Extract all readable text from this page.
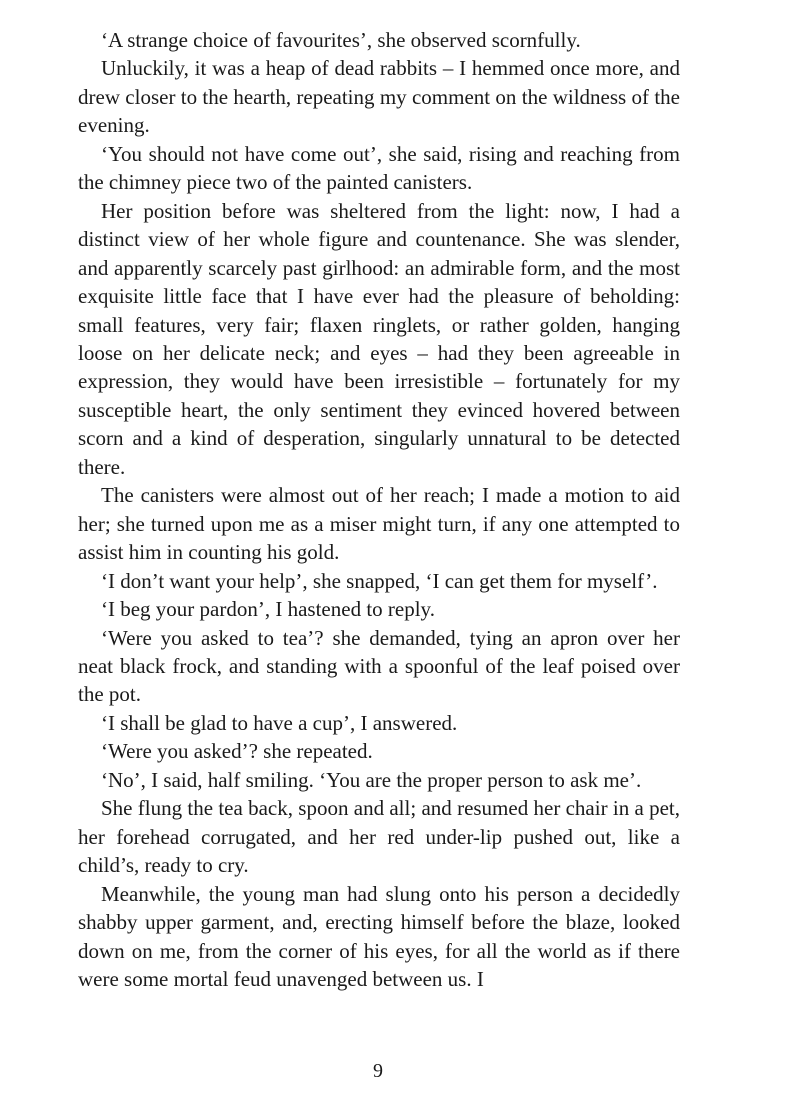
‘A strange choice of favourites’, she observed scornfully.

Unluckily, it was a heap of dead rabbits – I hemmed once more, and drew closer to the hearth, repeating my comment on the wildness of the evening.

‘You should not have come out’, she said, rising and reaching from the chimney piece two of the painted canisters.

Her position before was sheltered from the light: now, I had a distinct view of her whole figure and countenance. She was slender, and apparently scarcely past girlhood: an admirable form, and the most exquisite little face that I have ever had the pleasure of beholding: small features, very fair; flaxen ringlets, or rather golden, hanging loose on her delicate neck; and eyes – had they been agreeable in expression, they would have been irresistible – fortunately for my susceptible heart, the only sentiment they evinced hovered between scorn and a kind of desperation, singularly unnatural to be detected there.

The canisters were almost out of her reach; I made a motion to aid her; she turned upon me as a miser might turn, if any one attempted to assist him in counting his gold.

‘I don’t want your help’, she snapped, ‘I can get them for myself’.

‘I beg your pardon’, I hastened to reply.

‘Were you asked to tea’? she demanded, tying an apron over her neat black frock, and standing with a spoonful of the leaf poised over the pot.

‘I shall be glad to have a cup’, I answered.

‘Were you asked’? she repeated.

‘No’, I said, half smiling. ‘You are the proper person to ask me’.

She flung the tea back, spoon and all; and resumed her chair in a pet, her forehead corrugated, and her red under-lip pushed out, like a child’s, ready to cry.

Meanwhile, the young man had slung onto his person a decidedly shabby upper garment, and, erecting himself before the blaze, looked down on me, from the corner of his eyes, for all the world as if there were some mortal feud unavenged between us. I

9
